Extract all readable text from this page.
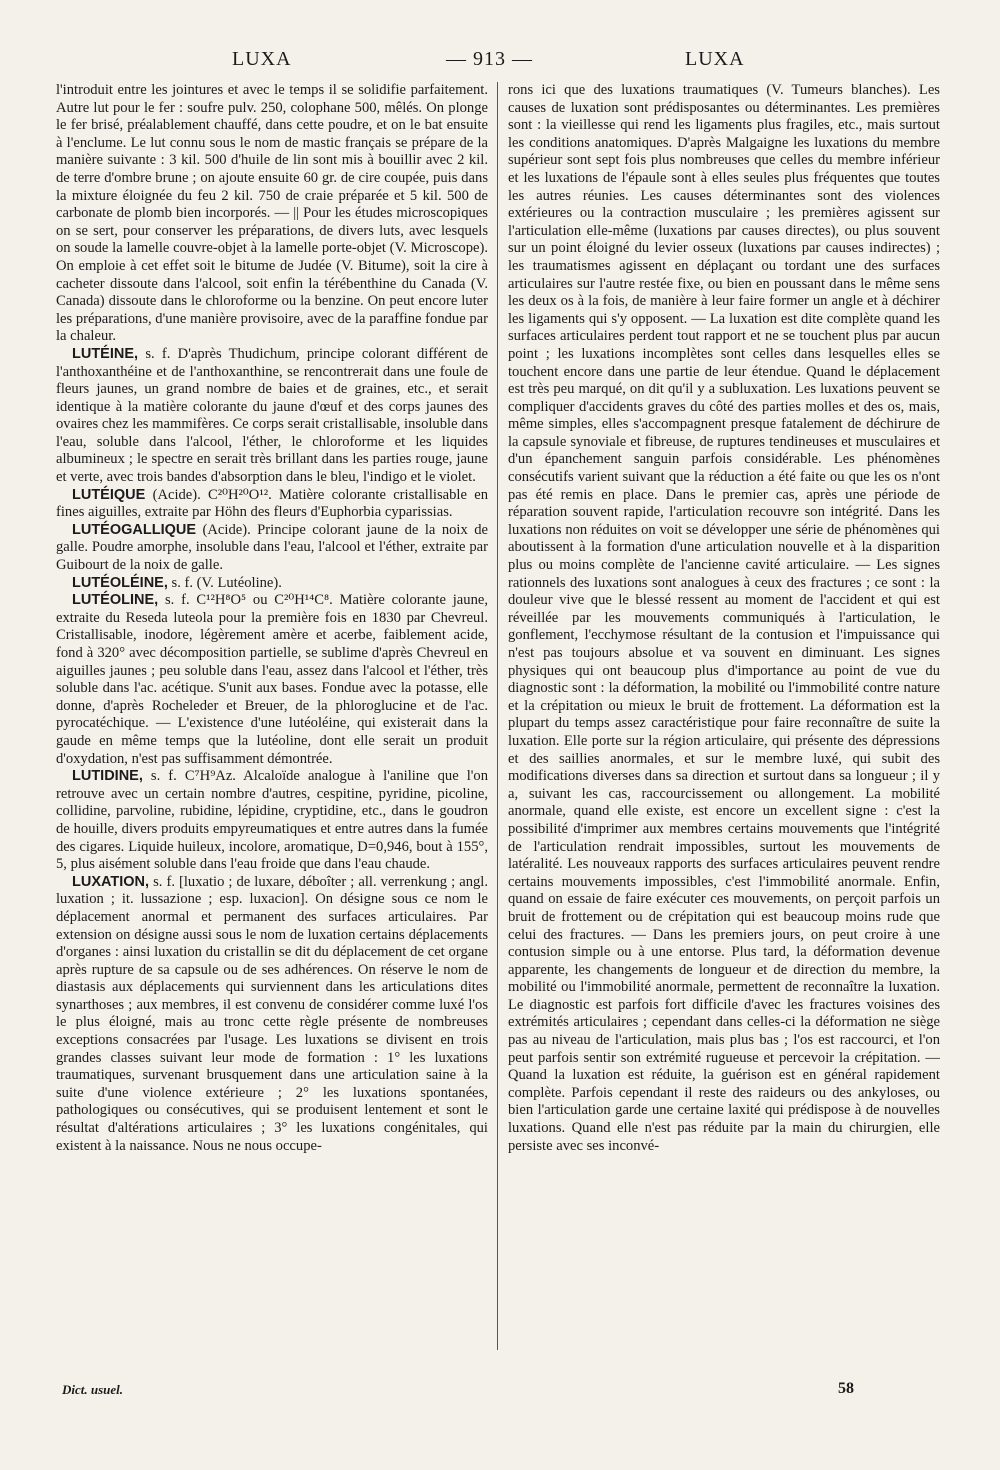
LUXA	— 913 —	LUXA

l'introduit entre les jointures et avec le temps il se solidifie parfaitement. Autre lut pour le fer : soufre pulv. 250, colophane 500, mêlés. On plonge le fer brisé, préalablement chauffé, dans cette poudre, et on le bat ensuite à l'enclume. Le lut connu sous le nom de mastic français se prépare de la manière suivante : 3 kil. 500 d'huile de lin sont mis à bouillir avec 2 kil. de terre d'ombre brune ; on ajoute ensuite 60 gr. de cire coupée, puis dans la mixture éloignée du feu 2 kil. 750 de craie préparée et 5 kil. 500 de carbonate de plomb bien incorporés. — || Pour les études microscopiques on se sert, pour conserver les préparations, de divers luts, avec lesquels on soude la lamelle couvre-objet à la lamelle porte-objet (V. Microscope). On emploie à cet effet soit le bitume de Judée (V. Bitume), soit la cire à cacheter dissoute dans l'alcool, soit enfin la térébenthine du Canada (V. Canada) dissoute dans le chloroforme ou la benzine. On peut encore luter les préparations, d'une manière provisoire, avec de la paraffine fondue par la chaleur.

LUTÉINE, s. f. D'après Thudichum, principe colorant différent de l'anthoxanthéine et de l'anthoxanthine, se rencontrerait dans une foule de fleurs jaunes, un grand nombre de baies et de graines, etc., et serait identique à la matière colorante du jaune d'œuf et des corps jaunes des ovaires chez les mammifères. Ce corps serait cristallisable, insoluble dans l'eau, soluble dans l'alcool, l'éther, le chloroforme et les liquides albumineux ; le spectre en serait très brillant dans les parties rouge, jaune et verte, avec trois bandes d'absorption dans le bleu, l'indigo et le violet.

LUTÉIQUE (Acide). C²⁰H²⁰O¹². Matière colorante cristallisable en fines aiguilles, extraite par Höhn des fleurs d'Euphorbia cyparissias.

LUTÉOGALLIQUE (Acide). Principe colorant jaune de la noix de galle. Poudre amorphe, insoluble dans l'eau, l'alcool et l'éther, extraite par Guibourt de la noix de galle.

LUTÉOLÉINE, s. f. (V. Lutéoline).

LUTÉOLINE, s. f. C¹²H⁸O⁵ ou C²⁰H¹⁴C⁸. Matière colorante jaune, extraite du Reseda luteola pour la première fois en 1830 par Chevreul. Cristallisable, inodore, légèrement amère et acerbe, faiblement acide, fond à 320° avec décomposition partielle, se sublime d'après Chevreul en aiguilles jaunes ; peu soluble dans l'eau, assez dans l'alcool et l'éther, très soluble dans l'ac. acétique. S'unit aux bases. Fondue avec la potasse, elle donne, d'après Rocheleder et Breuer, de la phloroglucine et de l'ac. pyrocatéchique. — L'existence d'une lutéoléine, qui existerait dans la gaude en même temps que la lutéoline, dont elle serait un produit d'oxydation, n'est pas suffisamment démontrée.

LUTIDINE, s. f. C⁷H⁹Az. Alcaloïde analogue à l'aniline que l'on retrouve avec un certain nombre d'autres, cespitine, pyridine, picoline, collidine, parvoline, rubidine, lépidine, cryptidine, etc., dans le goudron de houille, divers produits empyreumatiques et entre autres dans la fumée des cigares. Liquide huileux, incolore, aromatique, D=0,946, bout à 155°, 5, plus aisément soluble dans l'eau froide que dans l'eau chaude.

LUXATION, s. f. [luxatio ; de luxare, déboîter ; all. verrenkung ; angl. luxation ; it. lussazione ; esp. luxacion]. On désigne sous ce nom le déplacement anormal et permanent des surfaces articulaires. Par extension on désigne aussi sous le nom de luxation certains déplacements d'organes : ainsi luxation du cristallin se dit du déplacement de cet organe après rupture de sa capsule ou de ses adhérences. On réserve le nom de diastasis aux déplacements qui surviennent dans les articulations dites synarthoses ; aux membres, il est convenu de considérer comme luxé l'os le plus éloigné, mais au tronc cette règle présente de nombreuses exceptions consacrées par l'usage. Les luxations se divisent en trois grandes classes suivant leur mode de formation : 1° les luxations traumatiques, survenant brusquement dans une articulation saine à la suite d'une violence extérieure ; 2° les luxations spontanées, pathologiques ou consécutives, qui se produisent lentement et sont le résultat d'altérations articulaires ; 3° les luxations congénitales, qui existent à la naissance. Nous ne nous occupe-

rons ici que des luxations traumatiques (V. Tumeurs blanches). Les causes de luxation sont prédisposantes ou déterminantes. Les premières sont : la vieillesse qui rend les ligaments plus fragiles, etc., mais surtout les conditions anatomiques. D'après Malgaigne les luxations du membre supérieur sont sept fois plus nombreuses que celles du membre inférieur et les luxations de l'épaule sont à elles seules plus fréquentes que toutes les autres réunies. Les causes déterminantes sont des violences extérieures ou la contraction musculaire ; les premières agissent sur l'articulation elle-même (luxations par causes directes), ou plus souvent sur un point éloigné du levier osseux (luxations par causes indirectes) ; les traumatismes agissent en déplaçant ou tordant une des surfaces articulaires sur l'autre restée fixe, ou bien en poussant dans le même sens les deux os à la fois, de manière à leur faire former un angle et à déchirer les ligaments qui s'y opposent. — La luxation est dite complète quand les surfaces articulaires perdent tout rapport et ne se touchent plus par aucun point ; les luxations incomplètes sont celles dans lesquelles elles se touchent encore dans une partie de leur étendue. Quand le déplacement est très peu marqué, on dit qu'il y a subluxation. Les luxations peuvent se compliquer d'accidents graves du côté des parties molles et des os, mais, même simples, elles s'accompagnent presque fatalement de déchirure de la capsule synoviale et fibreuse, de ruptures tendineuses et musculaires et d'un épanchement sanguin parfois considérable. Les phénomènes consécutifs varient suivant que la réduction a été faite ou que les os n'ont pas été remis en place. Dans le premier cas, après une période de réparation souvent rapide, l'articulation recouvre son intégrité. Dans les luxations non réduites on voit se développer une série de phénomènes qui aboutissent à la formation d'une articulation nouvelle et à la disparition plus ou moins complète de l'ancienne cavité articulaire. — Les signes rationnels des luxations sont analogues à ceux des fractures ; ce sont : la douleur vive que le blessé ressent au moment de l'accident et qui est réveillée par les mouvements communiqués à l'articulation, le gonflement, l'ecchymose résultant de la contusion et l'impuissance qui n'est pas toujours absolue et va souvent en diminuant. Les signes physiques qui ont beaucoup plus d'importance au point de vue du diagnostic sont : la déformation, la mobilité ou l'immobilité contre nature et la crépitation ou mieux le bruit de frottement. La déformation est la plupart du temps assez caractéristique pour faire reconnaître de suite la luxation. Elle porte sur la région articulaire, qui présente des dépressions et des saillies anormales, et sur le membre luxé, qui subit des modifications diverses dans sa direction et surtout dans sa longueur ; il y a, suivant les cas, raccourcissement ou allongement. La mobilité anormale, quand elle existe, est encore un excellent signe : c'est la possibilité d'imprimer aux membres certains mouvements que l'intégrité de l'articulation rendrait impossibles, surtout les mouvements de latéralité. Les nouveaux rapports des surfaces articulaires peuvent rendre certains mouvements impossibles, c'est l'immobilité anormale. Enfin, quand on essaie de faire exécuter ces mouvements, on perçoit parfois un bruit de frottement ou de crépitation qui est beaucoup moins rude que celui des fractures. — Dans les premiers jours, on peut croire à une contusion simple ou à une entorse. Plus tard, la déformation devenue apparente, les changements de longueur et de direction du membre, la mobilité ou l'immobilité anormale, permettent de reconnaître la luxation. Le diagnostic est parfois fort difficile d'avec les fractures voisines des extrémités articulaires ; cependant dans celles-ci la déformation ne siège pas au niveau de l'articulation, mais plus bas ; l'os est raccourci, et l'on peut parfois sentir son extrémité rugueuse et percevoir la crépitation. — Quand la luxation est réduite, la guérison est en général rapidement complète. Parfois cependant il reste des raideurs ou des ankyloses, ou bien l'articulation garde une certaine laxité qui prédispose à de nouvelles luxations. Quand elle n'est pas réduite par la main du chirurgien, elle persiste avec ses inconvé-

Dict. usuel.	58
